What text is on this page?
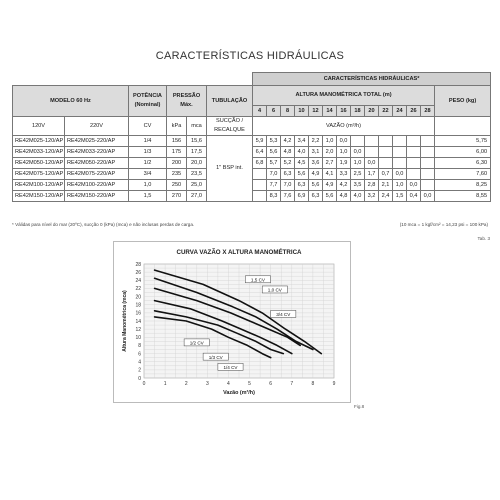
CARACTERÍSTICAS HIDRÁULICAS
						CARACTERÍSTICAS HIDRÁULICAS*													
MODELO 60 Hz		POTÊNCIA (Nominal)	PRESSÃO Máx.		TUBULAÇÃO	ALTURA MANOMÉTRICA TOTAL (m)													PESO (kg)
						4	6	8	10	12	14	16	18	20	22	24	26	28	
120V	220V	CV	kPa	mca	SUCÇÃO / RECALQUE	VAZÃO (m³/h)													
RE42M025-120/AP	RE42M025-220/AP	1/4	156	15,6	1" BSP int.	5,9	5,3	4,2	3,4	2,2	1,0	0,0							5,75
RE42M033-120/AP	RE42M033-220/AP	1/3	175	17,5		6,4	5,6	4,8	4,0	3,1	2,0	1,0	0,0						6,00
RE42M050-120/AP	RE42M050-220/AP	1/2	200	20,0		6,8	5,7	5,2	4,5	3,6	2,7	1,9	1,0	0,0					6,30
RE42M075-120/AP	RE42M075-220/AP	3/4	235	23,5			7,0	6,3	5,6	4,9	4,1	3,3	2,5	1,7	0,7	0,0			7,60
RE42M100-120/AP	RE42M100-220/AP	1,0	250	25,0			7,7	7,0	6,3	5,6	4,9	4,2	3,5	2,8	2,1	1,0	0,0		8,25
RE42M150-120/AP	RE42M150-220/AP	1,5	270	27,0			8,3	7,6	6,9	6,3	5,6	4,8	4,0	3,2	2,4	1,5	0,4	0,0	8,55
* Válidas para nível do mar (20ºC), sucção 0 (kPa) (mca) e não inclusas perdas de carga.	(10 mca = 1 kgf/cm² = 14,23 psi = 100 kPa)
Tab. 3
CURVA VAZÃO X ALTURA MANOMÉTRICA
0	1	2	3	4	5	6	7	8	9
0
2
4
6
8
10
12
14
16
18
20
22
24
26
28
Vazão (m³/h)
Altura Manométrica (mca)
1,5 CV
1,0 CV
3/4 CV
1/2 CV
1/3 CV
1/4 CV
Fig.8
